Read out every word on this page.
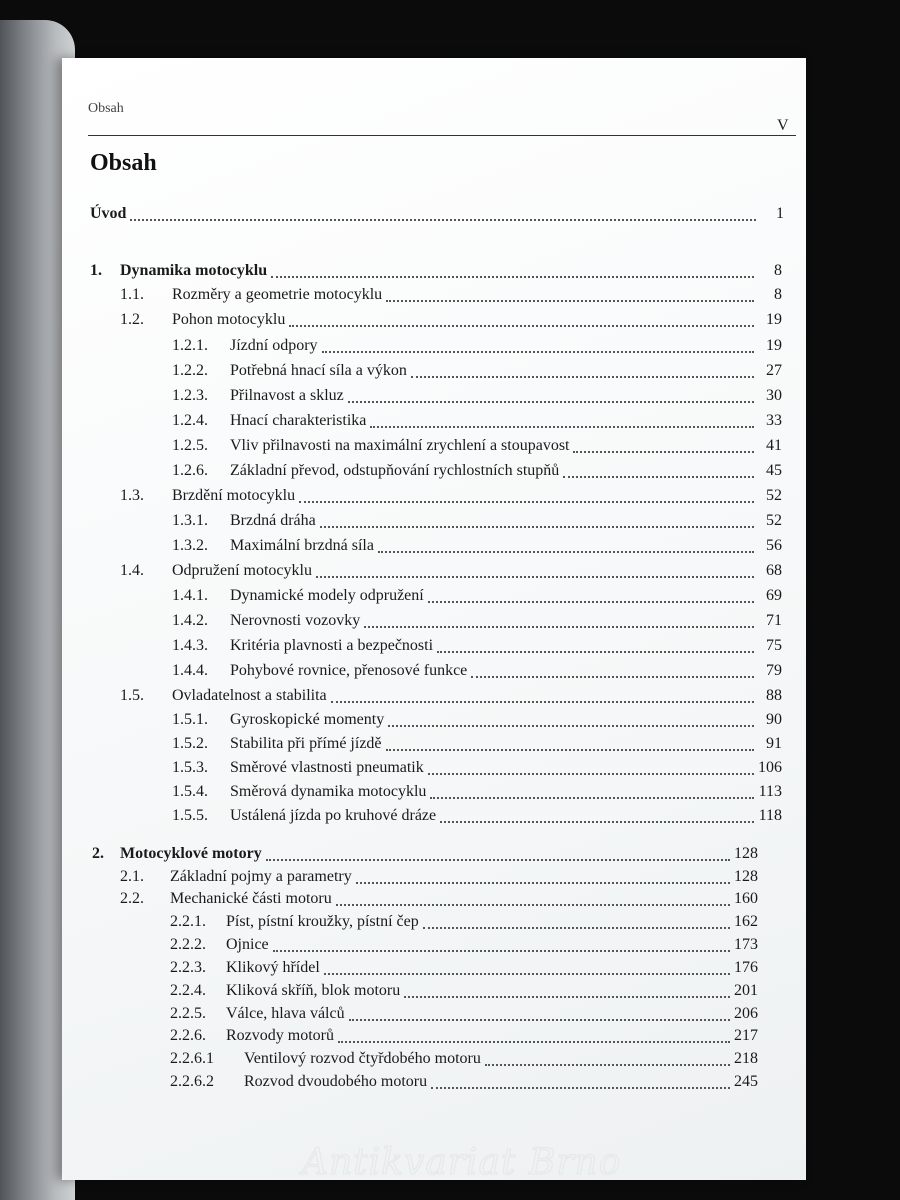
Obsah
V
Obsah
Úvod	1
1.	Dynamika motocyklu	8
1.1.	Rozměry a geometrie motocyklu	8
1.2.	Pohon motocyklu	19
1.2.1.	Jízdní odpory	19
1.2.2.	Potřebná hnací síla a výkon	27
1.2.3.	Přilnavost a skluz	30
1.2.4.	Hnací charakteristika	33
1.2.5.	Vliv přilnavosti na maximální zrychlení a stoupavost	41
1.2.6.	Základní převod, odstupňování rychlostních stupňů	45
1.3.	Brzdění motocyklu	52
1.3.1.	Brzdná dráha	52
1.3.2.	Maximální brzdná síla	56
1.4.	Odpružení motocyklu	68
1.4.1.	Dynamické modely odpružení	69
1.4.2.	Nerovnosti vozovky	71
1.4.3.	Kritéria plavnosti a bezpečnosti	75
1.4.4.	Pohybové rovnice, přenosové funkce	79
1.5.	Ovladatelnost a stabilita	88
1.5.1.	Gyroskopické momenty	90
1.5.2.	Stabilita při přímé jízdě	91
1.5.3.	Směrové vlastnosti pneumatik	106
1.5.4.	Směrová dynamika motocyklu	113
1.5.5.	Ustálená jízda po kruhové dráze	118
2.	Motocyklové motory	128
2.1.	Základní pojmy a parametry	128
2.2.	Mechanické části motoru	160
2.2.1.	Píst, pístní kroužky, pístní čep	162
2.2.2.	Ojnice	173
2.2.3.	Klikový hřídel	176
2.2.4.	Kliková skříň, blok motoru	201
2.2.5.	Válce, hlava válců	206
2.2.6.	Rozvody motorů	217
2.2.6.1	Ventilový rozvod čtyřdobého motoru	218
2.2.6.2	Rozvod dvoudobého motoru	245
Antikvariat Brno
